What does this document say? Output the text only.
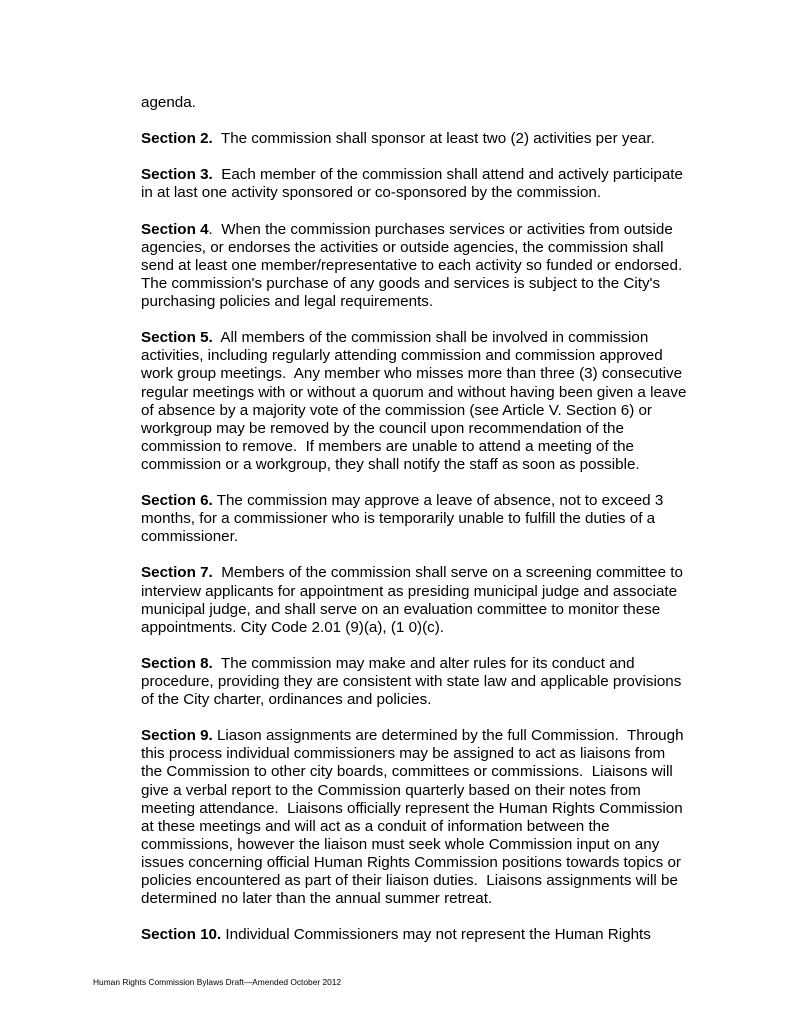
agenda.

Section 2.  The commission shall sponsor at least two (2) activities per year.

Section 3.  Each member of the commission shall attend and actively participate
in at last one activity sponsored or co-sponsored by the commission.

Section 4.  When the commission purchases services or activities from outside
agencies, or endorses the activities or outside agencies, the commission shall
send at least one member/representative to each activity so funded or endorsed.
The commission's purchase of any goods and services is subject to the City's
purchasing policies and legal requirements.

Section 5.  All members of the commission shall be involved in commission
activities, including regularly attending commission and commission approved
work group meetings.  Any member who misses more than three (3) consecutive
regular meetings with or without a quorum and without having been given a leave
of absence by a majority vote of the commission (see Article V. Section 6) or
workgroup may be removed by the council upon recommendation of the
commission to remove.  If members are unable to attend a meeting of the
commission or a workgroup, they shall notify the staff as soon as possible.

Section 6. The commission may approve a leave of absence, not to exceed 3
months, for a commissioner who is temporarily unable to fulfill the duties of a
commissioner.

Section 7.  Members of the commission shall serve on a screening committee to
interview applicants for appointment as presiding municipal judge and associate
municipal judge, and shall serve on an evaluation committee to monitor these
appointments. City Code 2.01 (9)(a), (1 0)(c).

Section 8.  The commission may make and alter rules for its conduct and
procedure, providing they are consistent with state law and applicable provisions
of the City charter, ordinances and policies.

Section 9. Liason assignments are determined by the full Commission.  Through
this process individual commissioners may be assigned to act as liaisons from
the Commission to other city boards, committees or commissions.  Liaisons will
give a verbal report to the Commission quarterly based on their notes from
meeting attendance.  Liaisons officially represent the Human Rights Commission
at these meetings and will act as a conduit of information between the
commissions, however the liaison must seek whole Commission input on any
issues concerning official Human Rights Commission positions towards topics or
policies encountered as part of their liaison duties.  Liaisons assignments will be
determined no later than the annual summer retreat.

Section 10. Individual Commissioners may not represent the Human Rights

Human Rights Commission Bylaws Draft—Amended October 2012
